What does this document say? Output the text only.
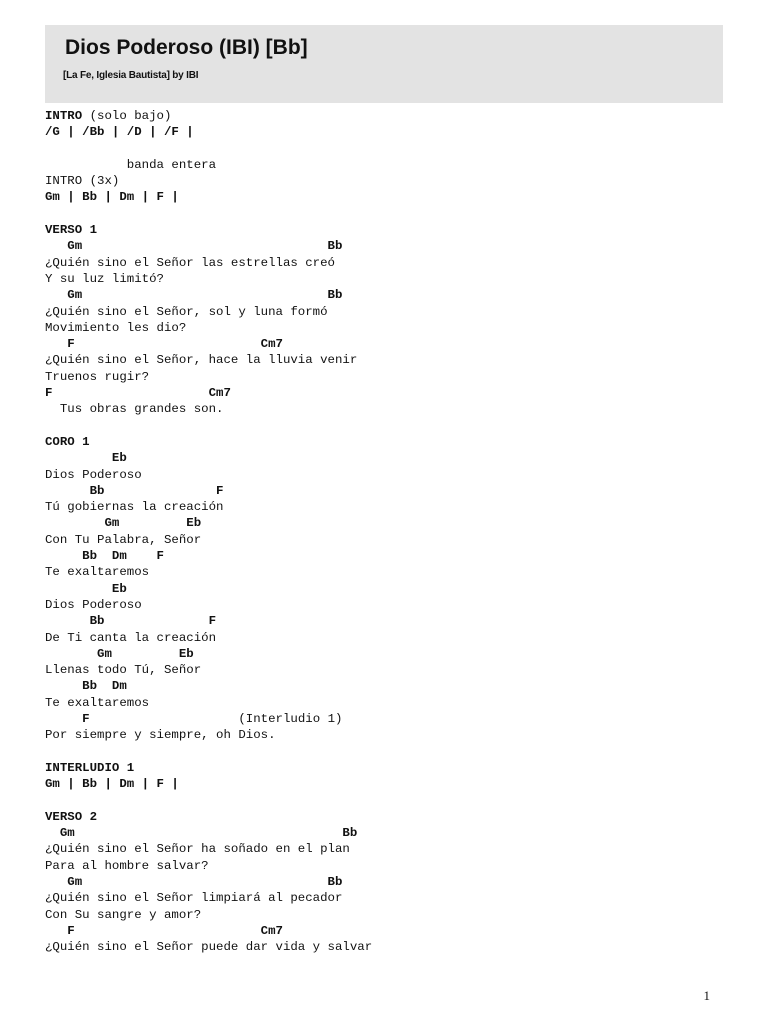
Dios Poderoso (IBI) [Bb]
[La Fe, Iglesia Bautista] by IBI
INTRO (solo bajo)
/G | /Bb | /D | /F |

banda entera
INTRO (3x)
Gm | Bb | Dm | F |

VERSO 1
Gm                                 Bb
¿Quién sino el Señor las estrellas creó
Y su luz limitó?
Gm                                 Bb
¿Quién sino el Señor, sol y luna formó
Movimiento les dio?
F                         Cm7
¿Quién sino el Señor, hace la lluvia venir
Truenos rugir?
F                     Cm7
Tus obras grandes son.

CORO 1
Eb
Dios Poderoso
Bb               F
Tú gobiernas la creación
Gm         Eb
Con Tu Palabra, Señor
Bb  Dm    F
Te exaltaremos
Eb
Dios Poderoso
Bb              F
De Ti canta la creación
Gm         Eb
Llenas todo Tú, Señor
Bb  Dm
Te exaltaremos
F                    (Interludio 1)
Por siempre y siempre, oh Dios.

INTERLUDIO 1
Gm | Bb | Dm | F |

VERSO 2
Gm                                    Bb
¿Quién sino el Señor ha soñado en el plan
Para al hombre salvar?
Gm                                 Bb
¿Quién sino el Señor limpiará al pecador
Con Su sangre y amor?
F                         Cm7
¿Quién sino el Señor puede dar vida y salvar
1
